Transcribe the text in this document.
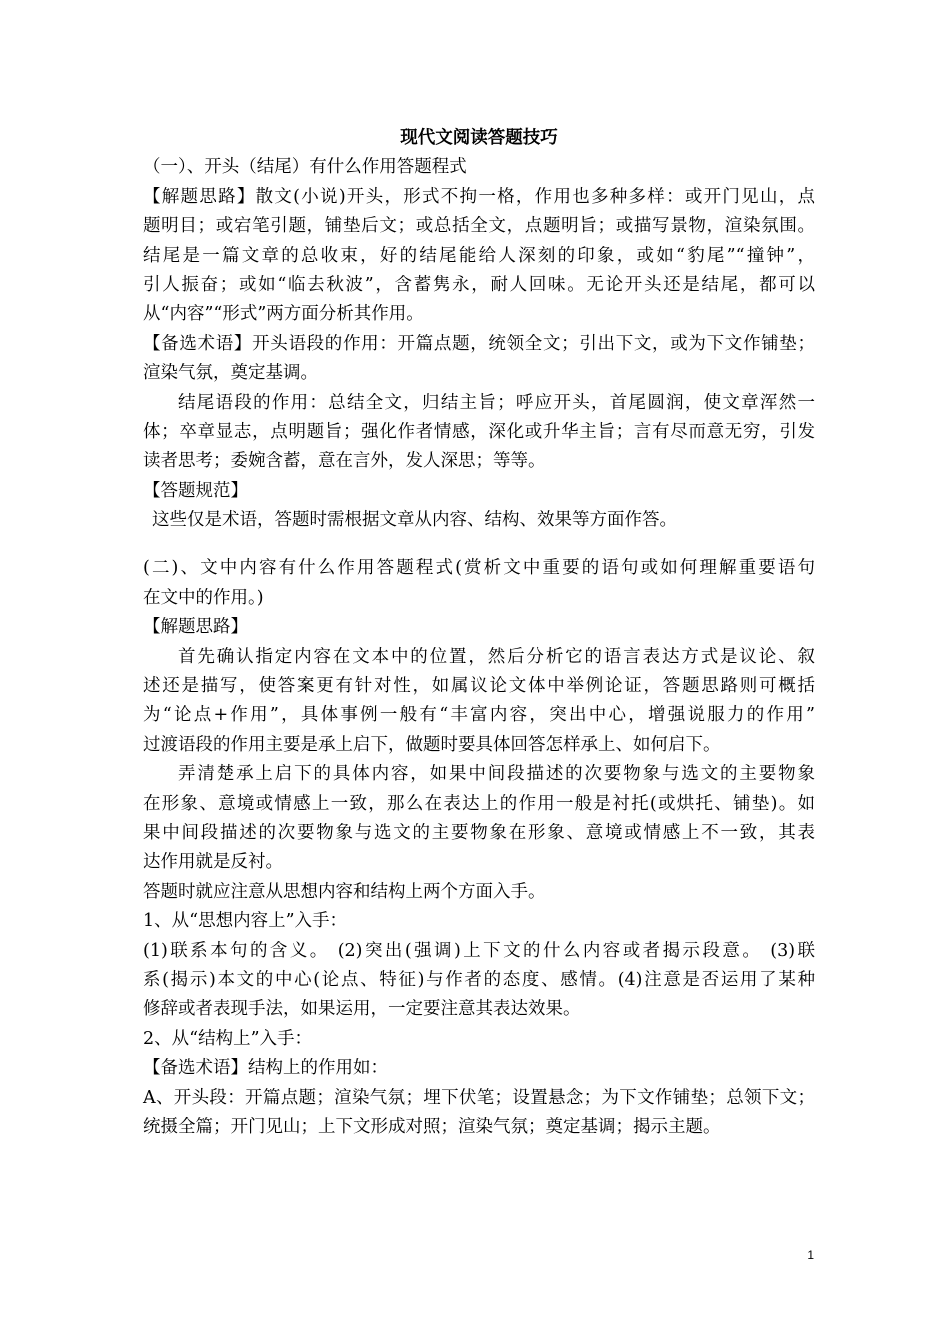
现代文阅读答题技巧
（一）、开头（结尾）有什么作用答题程式
【解题思路】散文(小说)开头，形式不拘一格，作用也多种多样：或开门见山，点
题明目；或宕笔引题，铺垫后文；或总括全文，点题明旨；或描写景物，渲染氛围。
结尾是一篇文章的总收束，好的结尾能给人深刻的印象，或如“豹尾”“撞钟”，
引人振奋；或如“临去秋波”，含蓄隽永，耐人回味。无论开头还是结尾，都可以
从“内容”“形式”两方面分析其作用。
【备选术语】开头语段的作用：开篇点题，统领全文；引出下文，或为下文作铺垫；
渲染气氛，奠定基调。
结尾语段的作用：总结全文，归结主旨；呼应开头，首尾圆润，使文章浑然一
体；卒章显志，点明题旨；强化作者情感，深化或升华主旨；言有尽而意无穷，引发
读者思考；委婉含蓄，意在言外，发人深思；等等。
【答题规范】
这些仅是术语，答题时需根据文章从内容、结构、效果等方面作答。
(二)、文中内容有什么作用答题程式(赏析文中重要的语句或如何理解重要语句
在文中的作用。)
【解题思路】
首先确认指定内容在文本中的位置，然后分析它的语言表达方式是议论、叙
述还是描写，使答案更有针对性，如属议论文体中举例论证，答题思路则可概括
为“论点+作用”，具体事例一般有“丰富内容，突出中心，增强说服力的作用”
过渡语段的作用主要是承上启下，做题时要具体回答怎样承上、如何启下。
弄清楚承上启下的具体内容，如果中间段描述的次要物象与选文的主要物象
在形象、意境或情感上一致，那么在表达上的作用一般是衬托(或烘托、铺垫)。如
果中间段描述的次要物象与选文的主要物象在形象、意境或情感上不一致，其表
达作用就是反衬。
答题时就应注意从思想内容和结构上两个方面入手。
1、从“思想内容上”入手：
(1)联系本句的含义。 (2)突出(强调)上下文的什么内容或者揭示段意。 (3)联
系(揭示)本文的中心(论点、特征)与作者的态度、感情。(4)注意是否运用了某种
修辞或者表现手法，如果运用，一定要注意其表达效果。
2、从“结构上”入手：
【备选术语】结构上的作用如：
A、开头段：开篇点题；渲染气氛；埋下伏笔；设置悬念；为下文作铺垫；总领下文；
统摄全篇；开门见山；上下文形成对照；渲染气氛；奠定基调；揭示主题。
1
